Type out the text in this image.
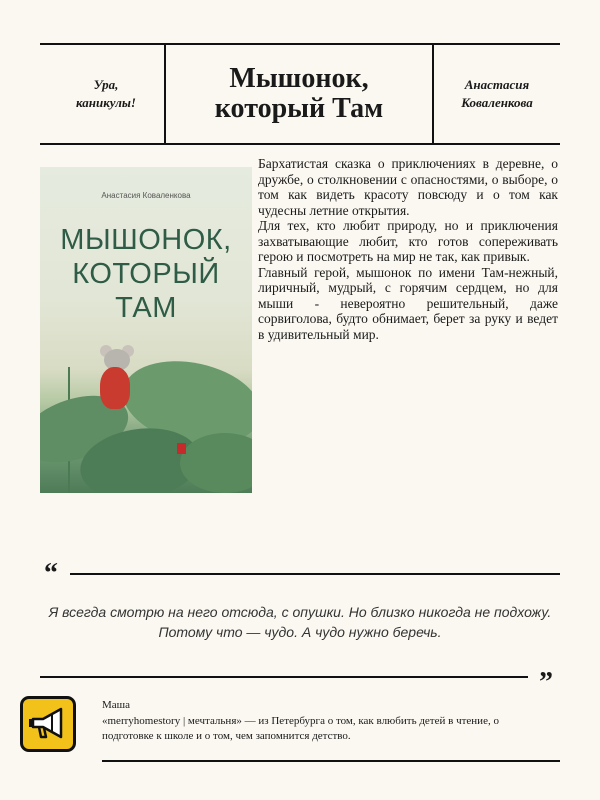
Ура,
каникулы!
Мышонок,
который Там
Анастасия
Коваленкова
Анастасия Коваленкова
МЫШОНОК,
КОТОРЫЙ
ТАМ

Бархатистая сказка о приключениях в деревне, о дружбе, о столкновении с опасностями, о выборе, о том как видеть красоту повсюду и о том как чудесны летние открытия.

Для тех, кто любит природу, но и приключения захватывающие любит, кто готов сопереживать герою и посмотреть на мир не так, как привык.

Главный герой, мышонок по имени Там-нежный, лиричный, мудрый, с горячим сердцем, но для мыши - невероятно решительный, даже сорвиголова, будто обнимает, берет за руку и ведет в удивительный мир.

“
Я всегда смотрю на него отсюда, с опушки. Но близко никогда не подхожу. Потому что — чудо. А чудо нужно беречь.
”
Маша
«merryhomestory | мечтальня» — из Петербурга о том, как влюбить детей в чтение, о подготовке к школе и о том, чем запомнится детство.
